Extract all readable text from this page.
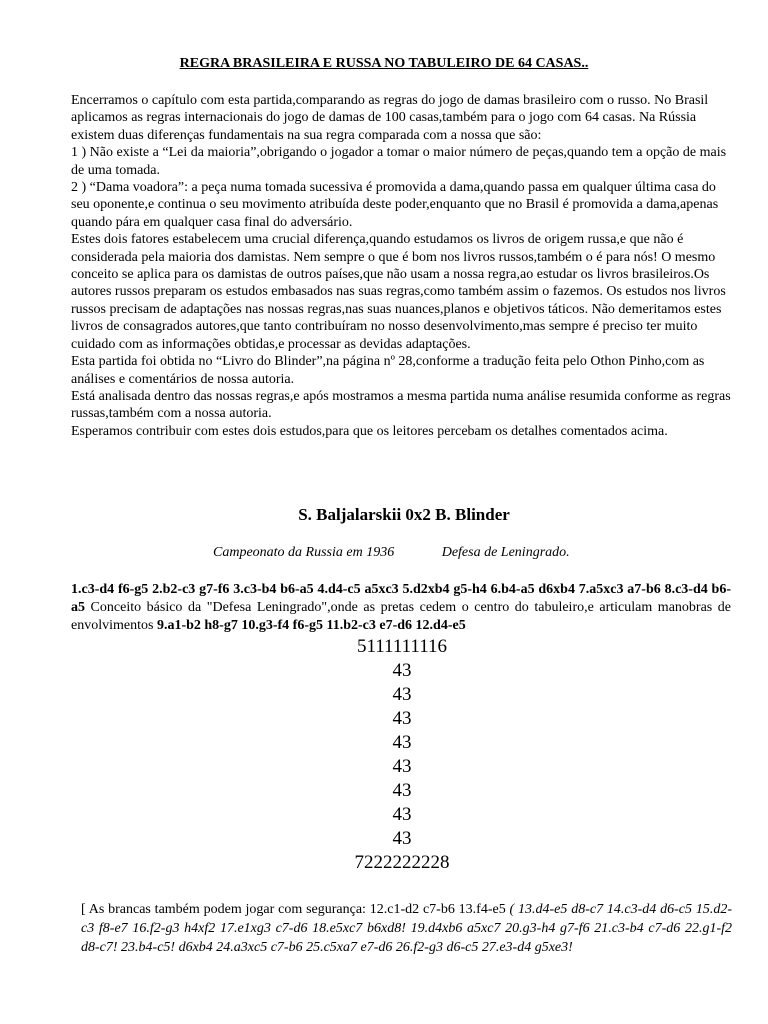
REGRA BRASILEIRA E RUSSA NO TABULEIRO DE 64 CASAS..

Encerramos o capítulo com esta partida,comparando as regras do jogo de damas brasileiro com o russo. No Brasil aplicamos as regras internacionais do jogo de damas de 100 casas,também para o jogo com 64 casas. Na Rússia existem duas diferenças fundamentais na sua regra comparada com a nossa que são:

1 ) Não existe a “Lei da maioria”,obrigando o jogador a tomar o maior número de peças,quando tem a opção de mais de uma tomada.

2 ) “Dama voadora”: a peça numa tomada sucessiva é promovida a dama,quando passa em qualquer última casa do seu oponente,e continua o seu movimento atribuída deste poder,enquanto que no Brasil é promovida a dama,apenas quando pára em qualquer casa final do adversário.

Estes dois fatores estabelecem uma crucial diferença,quando estudamos os livros de origem russa,e que não é considerada pela maioria dos damistas. Nem sempre o que é bom nos livros russos,também o é para nós! O mesmo conceito se aplica para os damistas de outros países,que não usam a nossa regra,ao estudar os livros brasileiros.Os autores russos preparam os estudos embasados nas suas regras,como também assim o fazemos. Os estudos nos livros russos precisam de adaptações nas nossas regras,nas suas nuances,planos e objetivos táticos. Não demeritamos estes livros de consagrados autores,que tanto contribuíram no nosso desenvolvimento,mas sempre é preciso ter muito cuidado com as informações obtidas,e processar as devidas adaptações.

Esta partida foi obtida no “Livro do Blinder”,na página nº 28,conforme a tradução feita pelo Othon Pinho,com as análises e comentários de nossa autoria.

Está analisada dentro das nossas regras,e após mostramos a mesma partida numa análise resumida conforme as regras russas,também com a nossa autoria.

Esperamos contribuir com estes dois estudos,para que os leitores percebam os detalhes comentados acima.

S. Baljalarskii 0x2 B. Blinder
Campeonato da Russia em 1936	Defesa de Leningrado.
1.c3-d4 f6-g5 2.b2-c3 g7-f6 3.c3-b4 b6-a5 4.d4-c5 a5xc3 5.d2xb4 g5-h4 6.b4-a5 d6xb4 7.a5xc3 a7-b6 8.c3-d4 b6-a5 Conceito básico da "Defesa Leningrado",onde as pretas cedem o centro do tabuleiro,e articulam manobras de envolvimentos 9.a1-b2 h8-g7 10.g3-f4 f6-g5 11.b2-c3 e7-d6 12.d4-e5
5111111116
43
43
43
43
43
43
43
43
7222222228
[ As brancas também podem jogar com segurança: 12.c1-d2 c7-b6 13.f4-e5 ( 13.d4-e5 d8-c7 14.c3-d4 d6-c5 15.d2-c3 f8-e7 16.f2-g3 h4xf2 17.e1xg3 c7-d6 18.e5xc7 b6xd8! 19.d4xb6 a5xc7 20.g3-h4 g7-f6 21.c3-b4 c7-d6 22.g1-f2 d8-c7! 23.b4-c5! d6xb4 24.a3xc5 c7-b6 25.c5xa7 e7-d6 26.f2-g3 d6-c5 27.e3-d4 g5xe3!
